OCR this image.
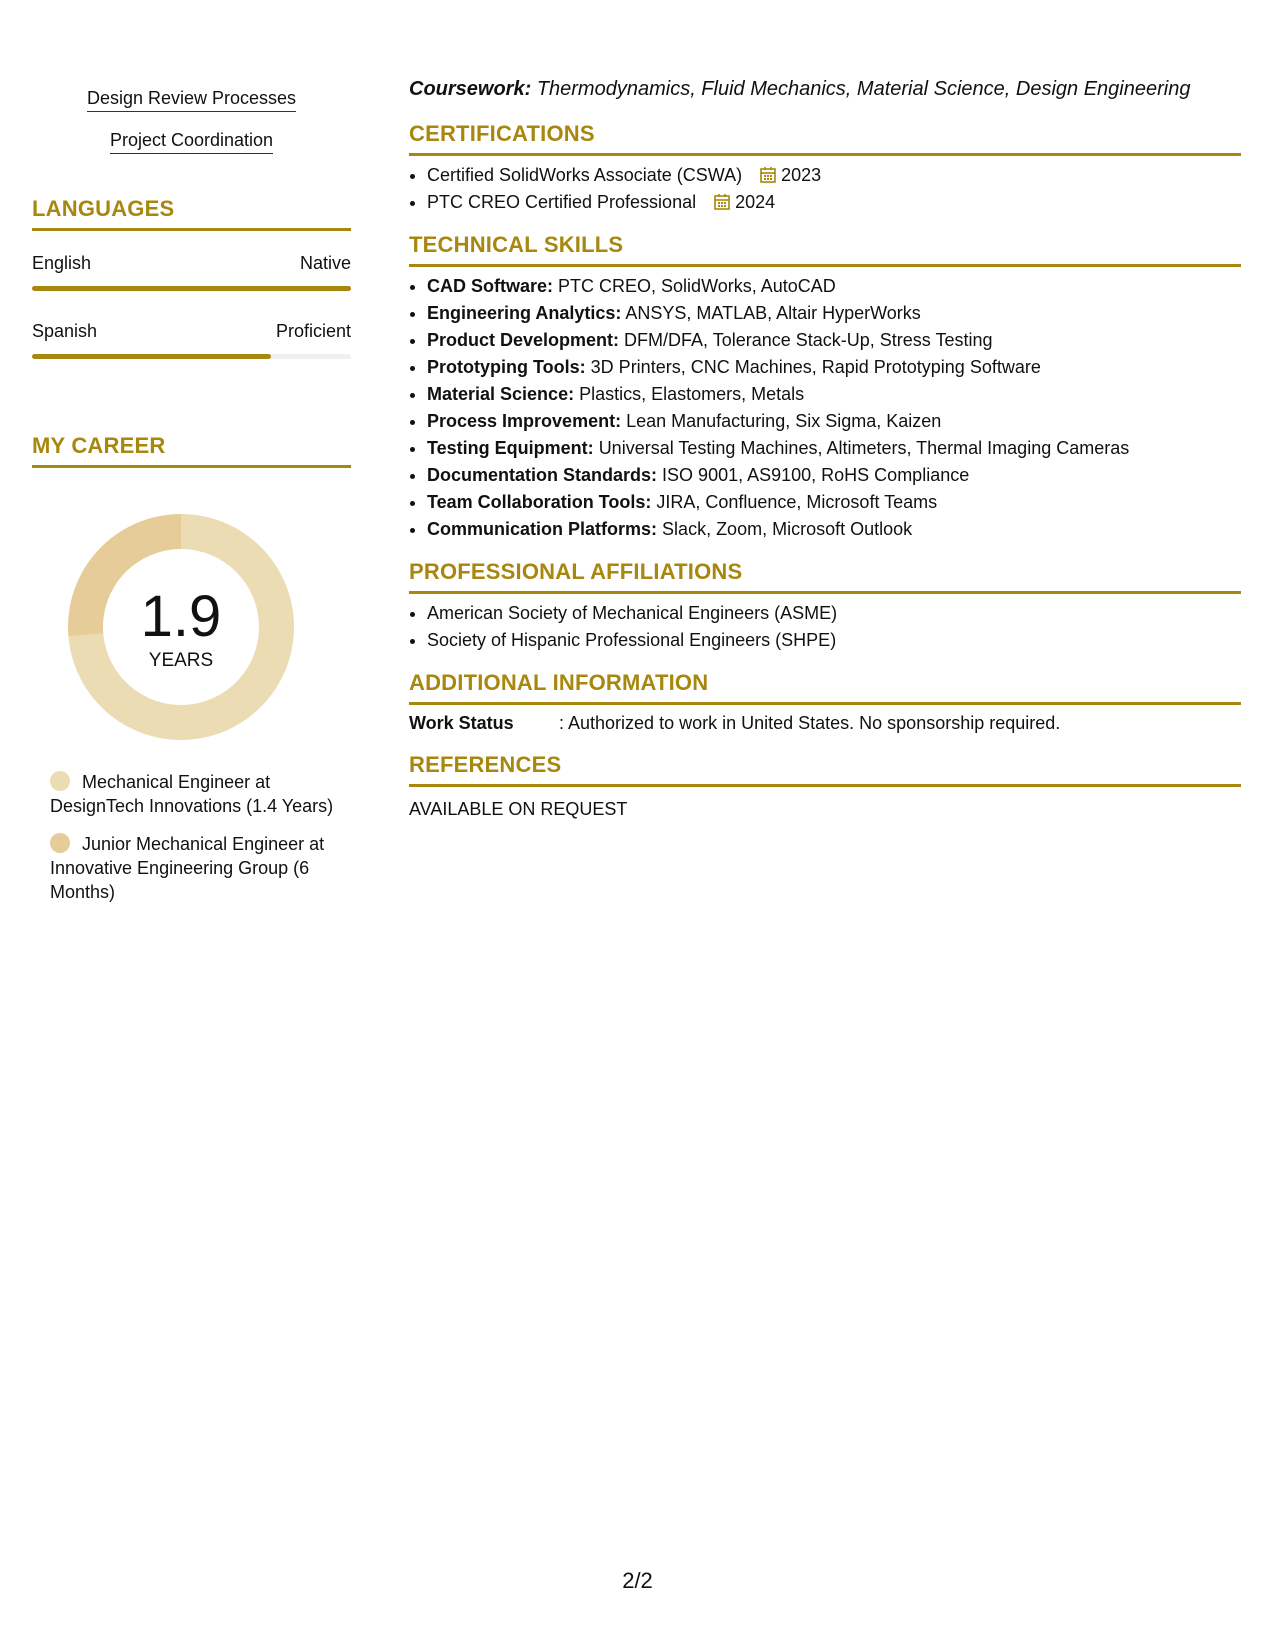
Design Review Processes
Project Coordination
LANGUAGES
English	Native
Spanish	Proficient
MY CAREER
1.9
YEARS
Mechanical Engineer at DesignTech Innovations (1.4 Years)
Junior Mechanical Engineer at Innovative Engineering Group (6 Months)
Coursework: Thermodynamics, Fluid Mechanics, Material Science, Design Engineering
CERTIFICATIONS
• Certified SolidWorks Associate (CSWA) 2023
• PTC CREO Certified Professional 2024
TECHNICAL SKILLS
• CAD Software: PTC CREO, SolidWorks, AutoCAD
• Engineering Analytics: ANSYS, MATLAB, Altair HyperWorks
• Product Development: DFM/DFA, Tolerance Stack-Up, Stress Testing
• Prototyping Tools: 3D Printers, CNC Machines, Rapid Prototyping Software
• Material Science: Plastics, Elastomers, Metals
• Process Improvement: Lean Manufacturing, Six Sigma, Kaizen
• Testing Equipment: Universal Testing Machines, Altimeters, Thermal Imaging Cameras
• Documentation Standards: ISO 9001, AS9100, RoHS Compliance
• Team Collaboration Tools: JIRA, Confluence, Microsoft Teams
• Communication Platforms: Slack, Zoom, Microsoft Outlook
PROFESSIONAL AFFILIATIONS
• American Society of Mechanical Engineers (ASME)
• Society of Hispanic Professional Engineers (SHPE)
ADDITIONAL INFORMATION
Work Status	: Authorized to work in United States. No sponsorship required.
REFERENCES
AVAILABLE ON REQUEST
2/2
